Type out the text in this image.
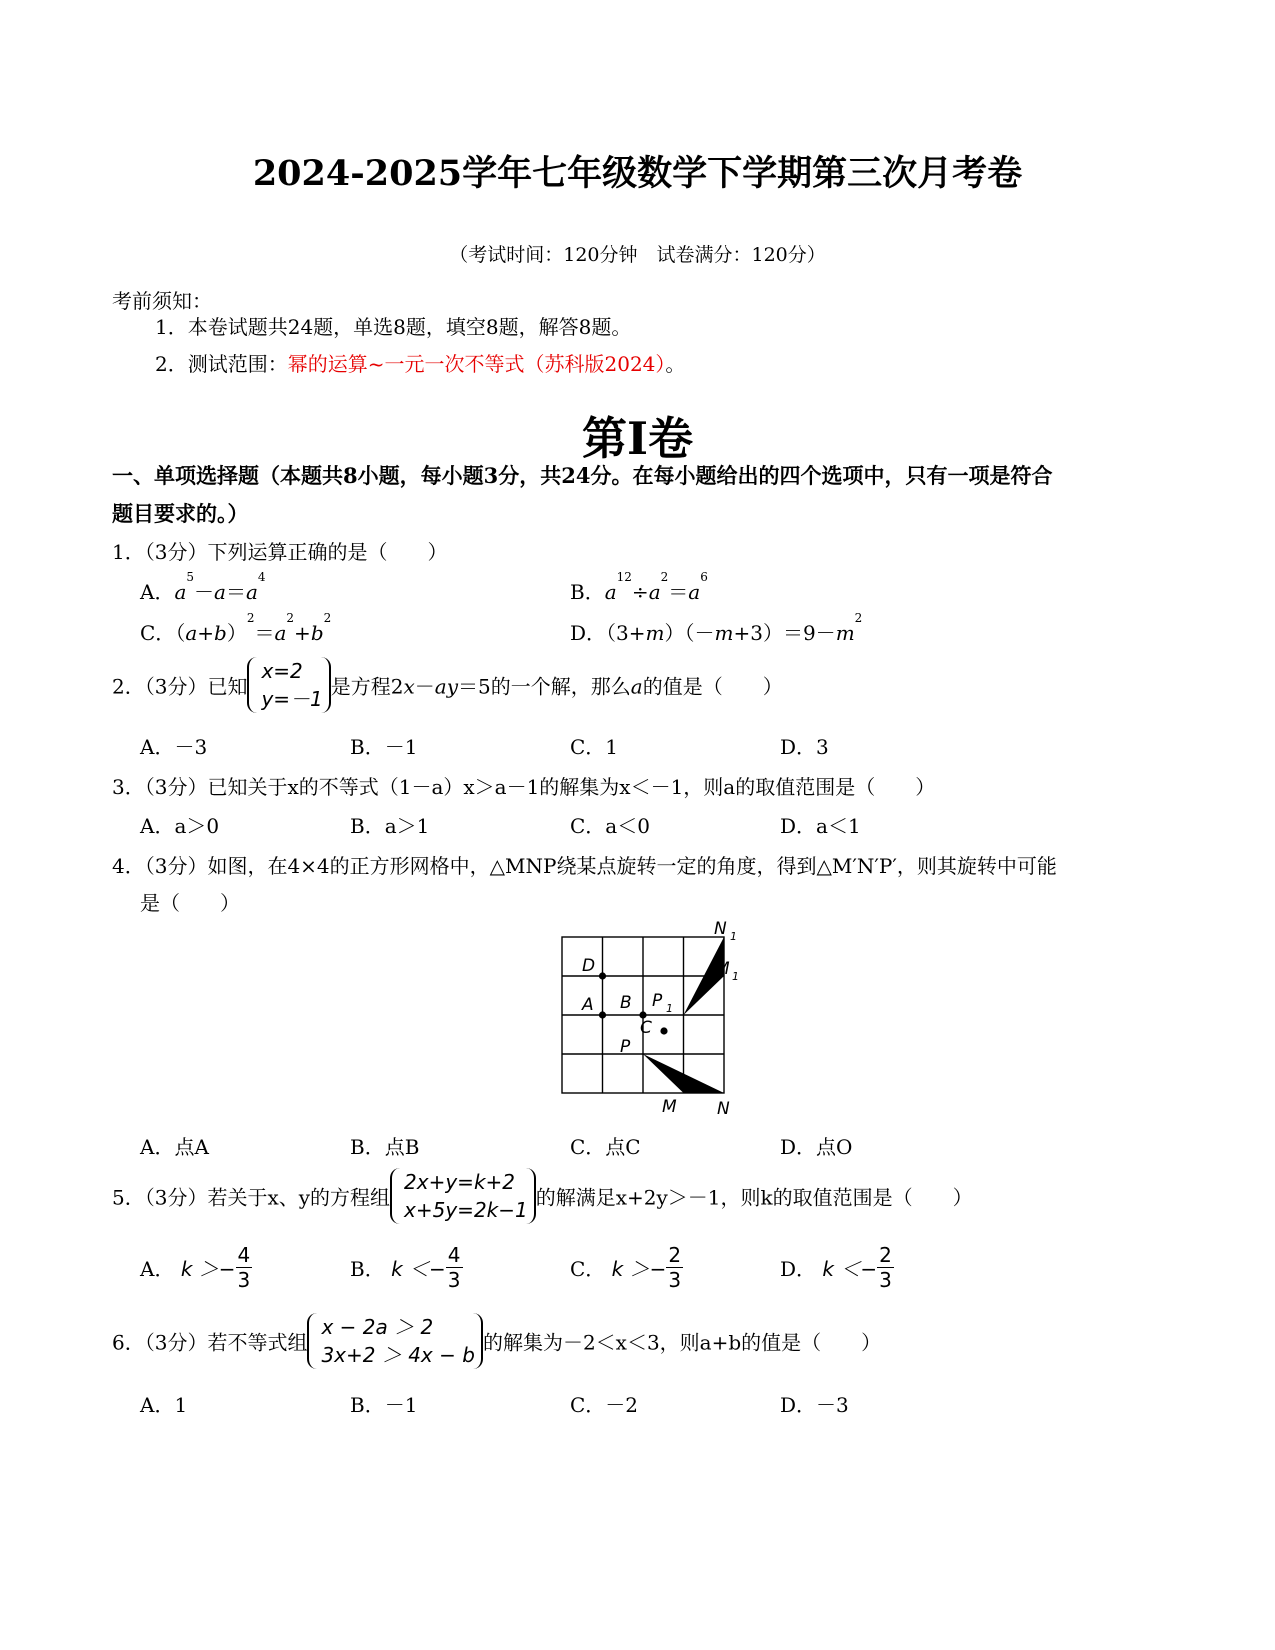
2024-2025学年七年级数学下学期第三次月考卷
（考试时间：120分钟　试卷满分：120分）
考前须知：
1．本卷试题共24题，单选8题，填空8题，解答8题。
2．测试范围：幂的运算~一元一次不等式（苏科版2024）。
第Ⅰ卷
一、单项选择题（本题共8小题，每小题3分，共24分。在每小题给出的四个选项中，只有一项是符合
题目要求的。）
1．（3分）下列运算正确的是（　　）
A．$a^5-a=a^4$
B．$a^{12}\div a^2=a^6$
C．$(a+b)^2=a^2+b^2$
D．$(3+m)(-m+3)=9-m^2$
2．（3分）已知
x=2
y=－1
是方程2x－ay＝5的一个解，那么a的值是（　　）
A．－3	B．－1	C．1	D．3
3．（3分）已知关于x的不等式（1－a）x＞a－1的解集为x＜－1，则a的取值范围是（　　）
A．a＞0	B．a＞1	C．a＜0	D．a＜1
4．（3分）如图，在4×4的正方形网格中，△MNP绕某点旋转一定的角度，得到△M′N′P′，则其旋转中可能
是（　　）
D
A B P 1
C
P
M N
N 1
M 1
A．点A	B．点B	C．点C	D．点O
5．（3分）若关于x、y的方程组
2x+y=k+2
x+5y=2k−1
的解满足x+2y＞－1，则k的取值范围是（　　）
A． $k >- \frac{4}{3}$	B． $k <- \frac{4}{3}$	C． $k >- \frac{2}{3}$	D． $k <- \frac{2}{3}$
6．（3分）若不等式组
x − 2a ＞ 2
3x+2 ＞ 4x − b
的解集为－2＜x＜3，则a+b的值是（　　）
A．1	B．－1	C．－2	D．－3
